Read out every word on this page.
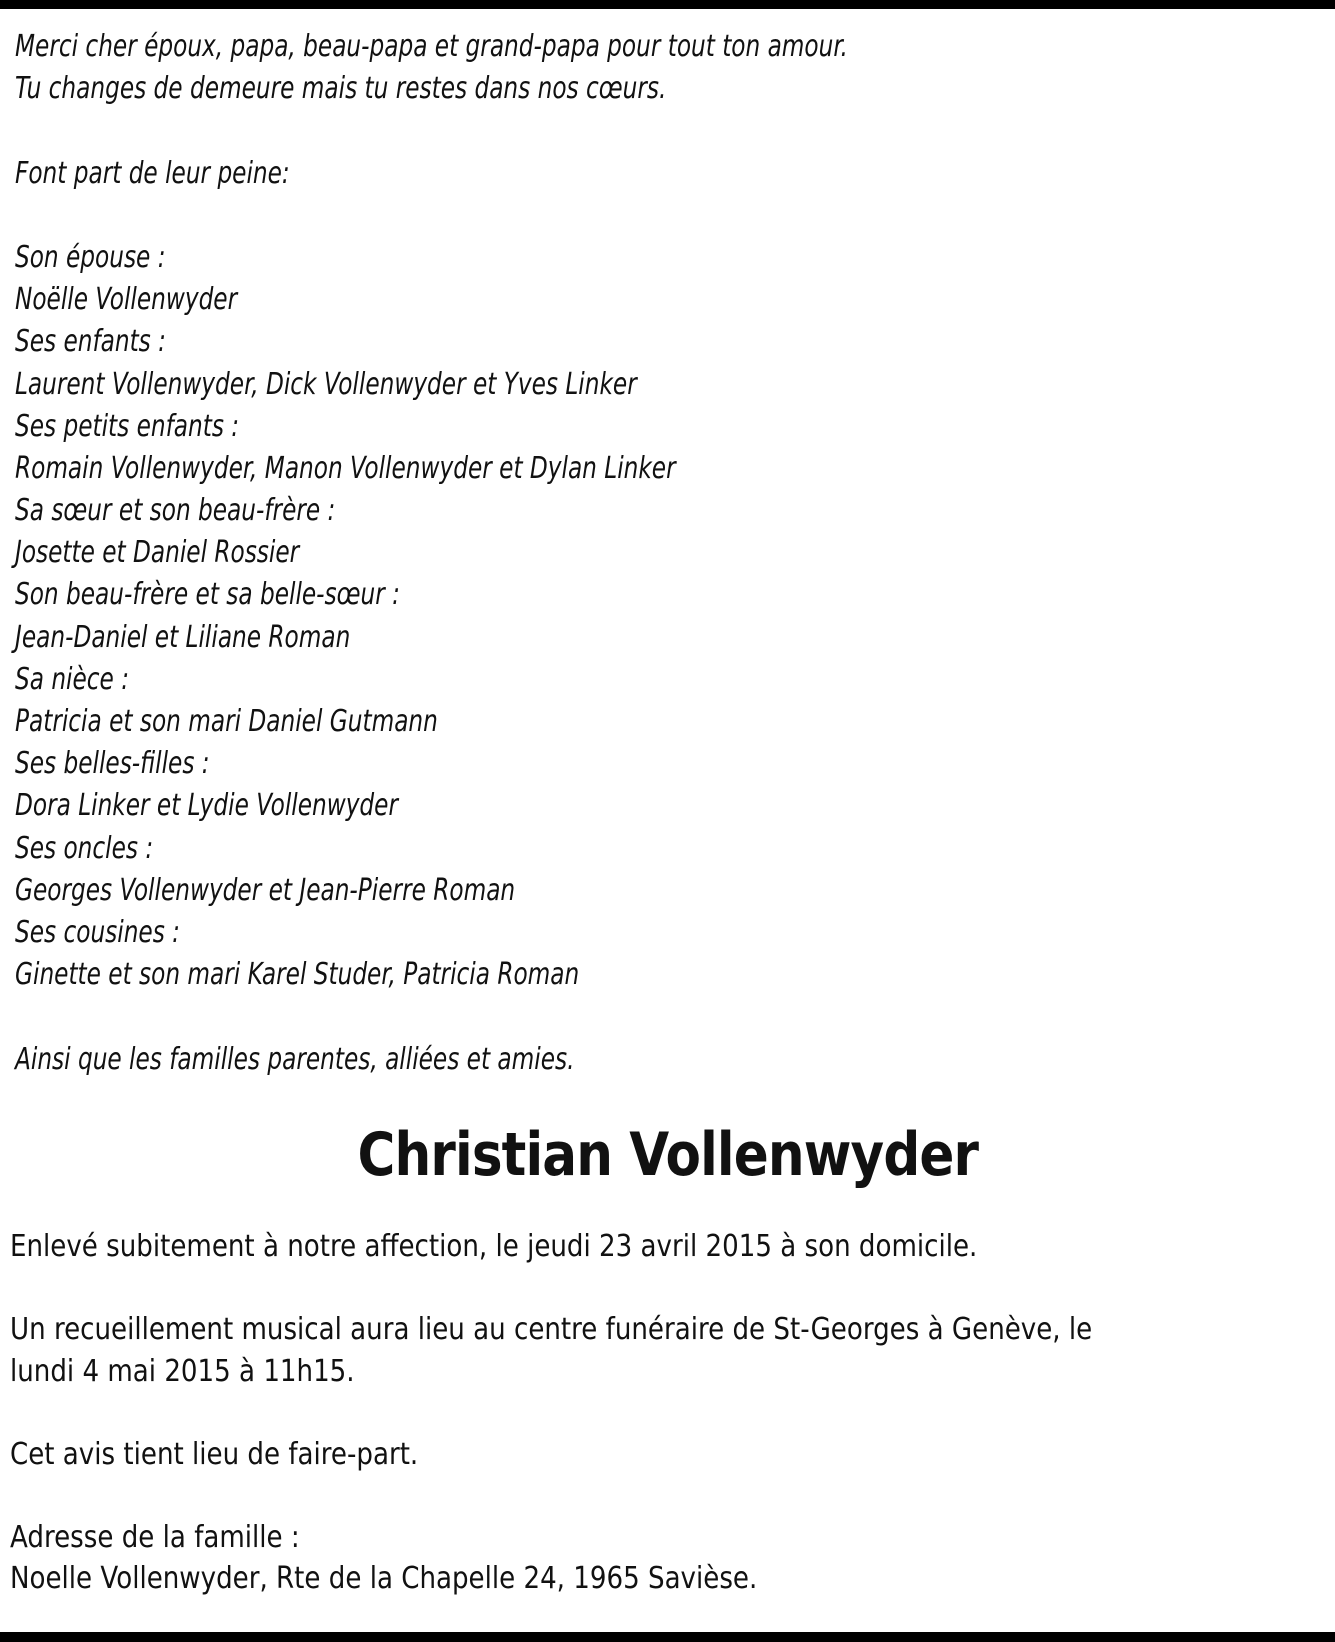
Merci cher époux, papa, beau-papa et grand-papa pour tout ton amour.
Tu changes de demeure mais tu restes dans nos cœurs.
Font part de leur peine:
Son épouse :
Noëlle Vollenwyder
Ses enfants :
Laurent Vollenwyder, Dick Vollenwyder et Yves Linker
Ses petits enfants :
Romain Vollenwyder, Manon Vollenwyder et Dylan Linker
Sa sœur et son beau-frère :
Josette et Daniel Rossier
Son beau-frère et sa belle-sœur :
Jean-Daniel et Liliane Roman
Sa nièce :
Patricia et son mari Daniel Gutmann
Ses belles-filles :
Dora Linker et Lydie Vollenwyder
Ses oncles :
Georges Vollenwyder et Jean-Pierre Roman
Ses cousines :
Ginette et son mari Karel Studer, Patricia Roman
Ainsi que les familles parentes, alliées et amies.
Christian Vollenwyder
Enlevé subitement à notre affection, le jeudi 23 avril 2015 à son domicile.
Un recueillement musical aura lieu au centre funéraire de St-Georges à Genève, le
lundi 4 mai 2015 à 11h15.
Cet avis tient lieu de faire-part.
Adresse de la famille :
Noelle Vollenwyder, Rte de la Chapelle 24, 1965 Savièse.
